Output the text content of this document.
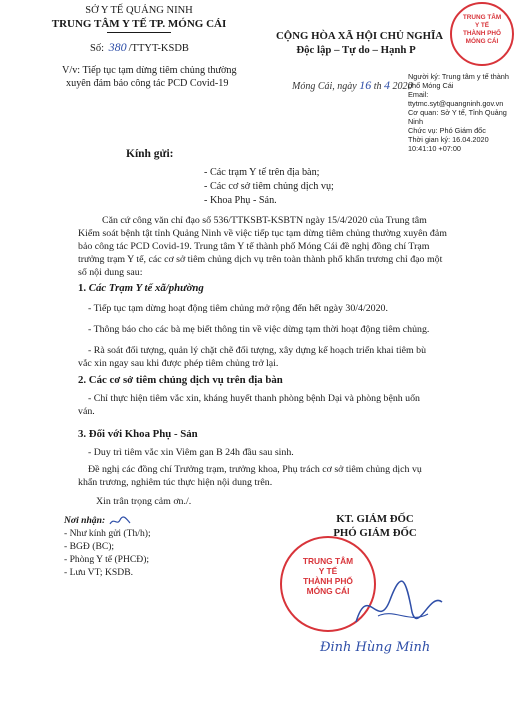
SỞ Y TẾ QUẢNG NINH
TRUNG TÂM Y TẾ TP. MÓNG CÁI
Số: 380 /TTYT-KSDB
V/v: Tiếp tục tạm dừng tiêm chủng thường
xuyên đảm bảo công tác PCD Covid-19
CỘNG HÒA XÃ HỘI CHỦ NGHĨA
Độc lập – Tự do – Hạnh P
Móng Cái, ngày 16 th 4 2020
Người ký: Trung tâm y tế thành
phố Móng Cái
Email:
ttytmc.syt@quangninh.gov.vn
Cơ quan: Sở Y tế, Tỉnh Quảng
Ninh
Chức vụ: Phó Giám đốc
Thời gian ký: 16.04.2020
10:41:10 +07:00
TRUNG TÂM
Y TẾ
THÀNH PHỐ
MÓNG CÁI
Kính gửi:
- Các trạm Y tế trên địa bàn;
- Các cơ sở tiêm chủng dịch vụ;
- Khoa Phụ - Sản.
Căn cứ công văn chỉ đạo số 536/TTKSBT-KSBTN ngày 15/4/2020 của Trung tâm
Kiểm soát bệnh tật tỉnh Quảng Ninh về việc tiếp tục tạm dừng tiêm chủng thường xuyên đảm
bảo công tác PCD Covid-19. Trung tâm Y tế thành phố Móng Cái đề nghị đồng chí Trạm
trưởng trạm Y tế, các cơ sở tiêm chủng dịch vụ trên toàn thành phố khẩn trương chỉ đạo một
số nội dung sau:
1. Các Trạm Y tế xã/phường
- Tiếp tục tạm dừng hoạt động tiêm chủng mở rộng đến hết ngày 30/4/2020.
- Thông báo cho các bà mẹ biết thông tin về việc dừng tạm thời hoạt động tiêm chủng.
- Rà soát đối tượng, quản lý chặt chẽ đối tượng, xây dựng kế hoạch triển khai tiêm bù
vắc xin ngay sau khi được phép tiêm chủng trở lại.
2. Các cơ sở tiêm chủng dịch vụ trên địa bàn
- Chỉ thực hiện tiêm vắc xin, kháng huyết thanh phòng bệnh Dại và phòng bệnh uốn
ván.
3. Đối với Khoa Phụ - Sản
- Duy trì tiêm vắc xin Viêm gan B 24h đầu sau sinh.
Đề nghị các đồng chí Trưởng trạm, trưởng khoa, Phụ trách cơ sở tiêm chủng dịch vụ
khẩn trương, nghiêm túc thực hiện nội dung trên.
Xin trân trọng cảm ơn./.
Nơi nhận:
- Như kính gửi (Th/h);
- BGĐ (BC);
- Phòng Y tế (PHCĐ);
- Lưu VT; KSDB.
KT. GIÁM ĐỐC
PHÓ GIÁM ĐỐC
TRUNG TÂM
Y TẾ
THÀNH PHỐ
MÓNG CÁI
Đinh Hùng Minh
